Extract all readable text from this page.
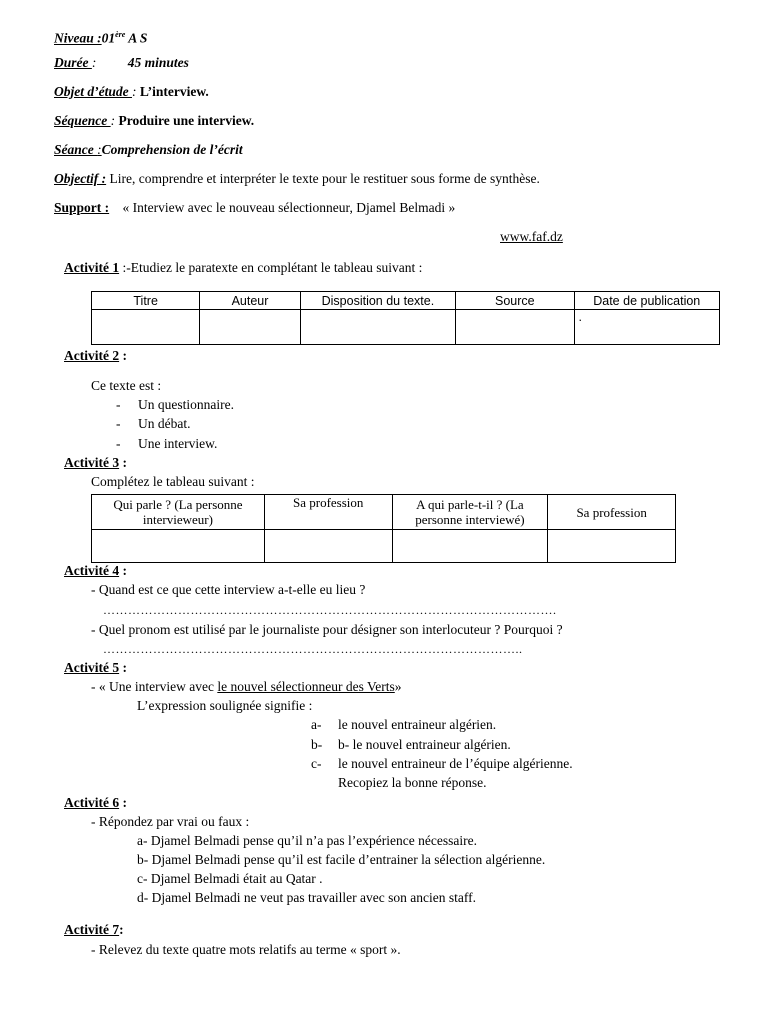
Niveau :01ère A S
Durée : 45 minutes
Objet d’étude : L’interview.
Séquence : Produire une interview.
Séance :Comprehension de l’écrit
Objectif : Lire, comprendre et interpréter le texte pour le restituer sous forme de synthèse.
Support : « Interview avec le nouveau sélectionneur, Djamel Belmadi »
www.faf.dz
Activité 1 :-Etudiez le paratexte en complétant le tableau suivant :
Titre	Auteur	Disposition du texte.	Source	Date de publication
				.
Activité 2 :
Ce texte est :
- Un questionnaire.
- Un débat.
- Une interview.
Activité 3 :
Complétez le tableau suivant :
Qui parle ? (La personne intervieweur)	Sa profession	A qui parle-t-il ? (La personne interviewé)	Sa profession

Activité 4 :
- Quand est ce que cette interview a-t-elle eu lieu ?
……………………………………………………………………………………………….
- Quel pronom est utilisé par le journaliste pour désigner son interlocuteur ? Pourquoi ?
………………………………………………………………………………………..
Activité 5 :
- « Une interview avec le nouvel sélectionneur des Verts»
L’expression soulignée signifie :
a- le nouvel entraineur algérien.
b- b- le nouvel entraineur algérien.
c- le nouvel entraineur de l’équipe algérienne.
Recopiez la bonne réponse.
Activité 6 :
- Répondez par vrai ou faux :
a- Djamel Belmadi pense qu’il n’a pas l’expérience nécessaire.
b- Djamel Belmadi pense qu’il est facile d’entrainer la sélection algérienne.
c- Djamel Belmadi était au Qatar .
d- Djamel Belmadi ne veut pas travailler avec son ancien staff.
Activité 7:
- Relevez du texte quatre mots relatifs au terme « sport ».
